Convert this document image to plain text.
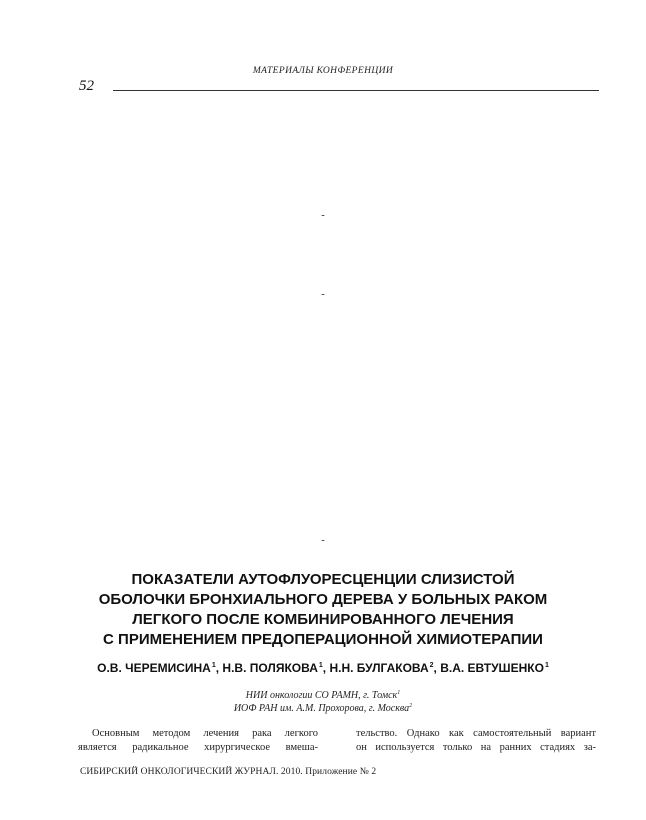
МАТЕРИАЛЫ КОНФЕРЕНЦИИ
52
-
-
-
ПОКАЗАТЕЛИ АУТОФЛУОРЕСЦЕНЦИИ СЛИЗИСТОЙ
ОБОЛОЧКИ БРОНХИАЛЬНОГО ДЕРЕВА У БОЛЬНЫХ РАКОМ
ЛЕГКОГО ПОСЛЕ КОМБИНИРОВАННОГО ЛЕЧЕНИЯ
С ПРИМЕНЕНИЕМ ПРЕДОПЕРАЦИОННОЙ ХИМИОТЕРАПИИ
О.В. ЧЕРЕМИСИНА$^1$, Н.В. ПОЛЯКОВА$^1$, Н.Н. БУЛГАКОВА$^2$, В.А. ЕВТУШЕНКО$^1$
НИИ онкологии СО РАМН, г. Томск$^1$
ИОФ РАН им. А.М. Прохорова, г. Москва$^2$
Основным методом лечения рака легкого
является радикальное хирургическое вмеша-
тельство. Однако как самостоятельный вариант
он используется только на ранних стадиях за-
СИБИРСКИЙ ОНКОЛОГИЧЕСКИЙ ЖУРНАЛ. 2010. Приложение № 2
